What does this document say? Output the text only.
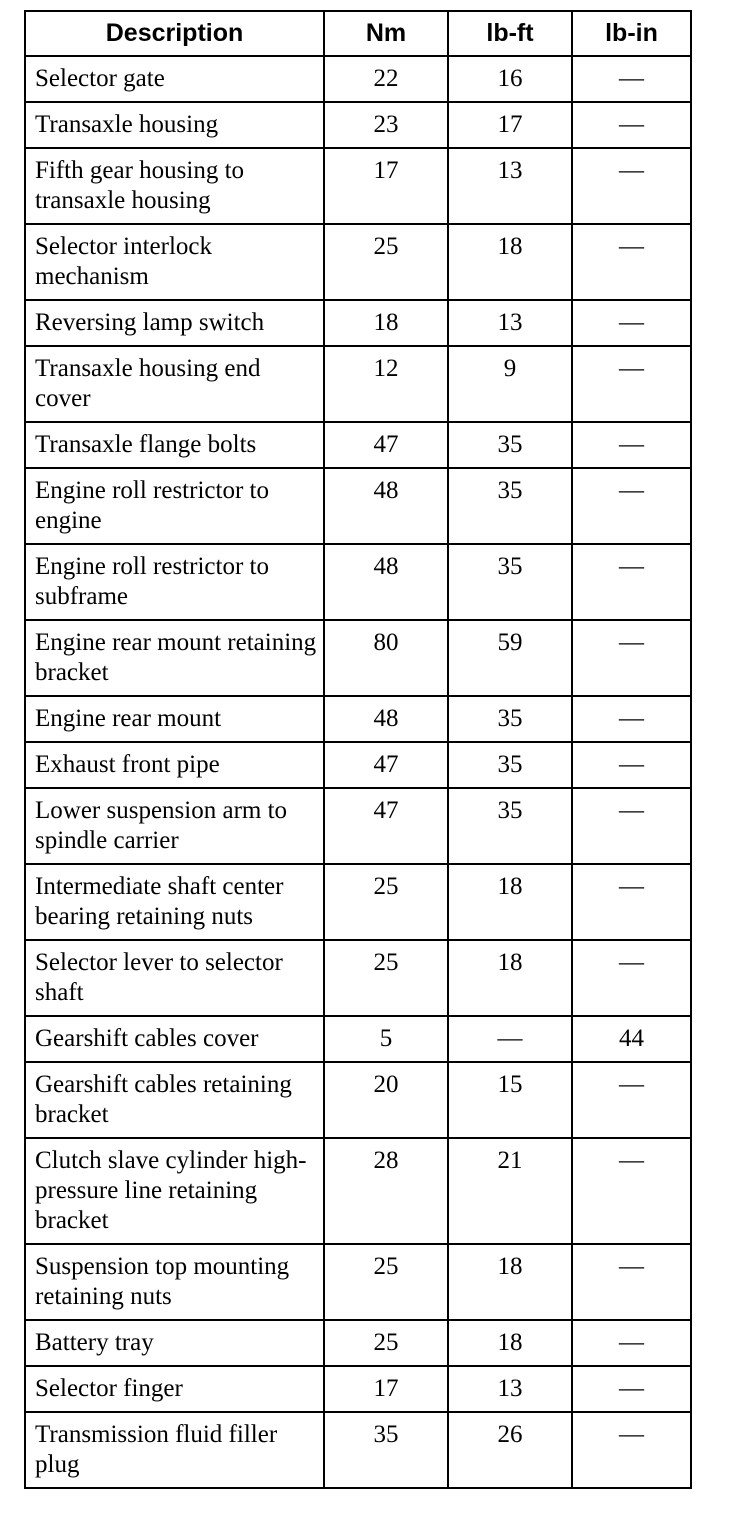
Description	Nm	lb-ft	lb-in
Selector gate	22	16	—
Transaxle housing	23	17	—
Fifth gear housing to transaxle housing	17	13	—
Selector interlock mechanism	25	18	—
Reversing lamp switch	18	13	—
Transaxle housing end cover	12	9	—
Transaxle flange bolts	47	35	—
Engine roll restrictor to engine	48	35	—
Engine roll restrictor to subframe	48	35	—
Engine rear mount retaining bracket	80	59	—
Engine rear mount	48	35	—
Exhaust front pipe	47	35	—
Lower suspension arm to spindle carrier	47	35	—
Intermediate shaft center bearing retaining nuts	25	18	—
Selector lever to selector shaft	25	18	—
Gearshift cables cover	5	—	44
Gearshift cables retaining bracket	20	15	—
Clutch slave cylinder high-pressure line retaining bracket	28	21	—
Suspension top mounting retaining nuts	25	18	—
Battery tray	25	18	—
Selector finger	17	13	—
Transmission fluid filler plug	35	26	—
